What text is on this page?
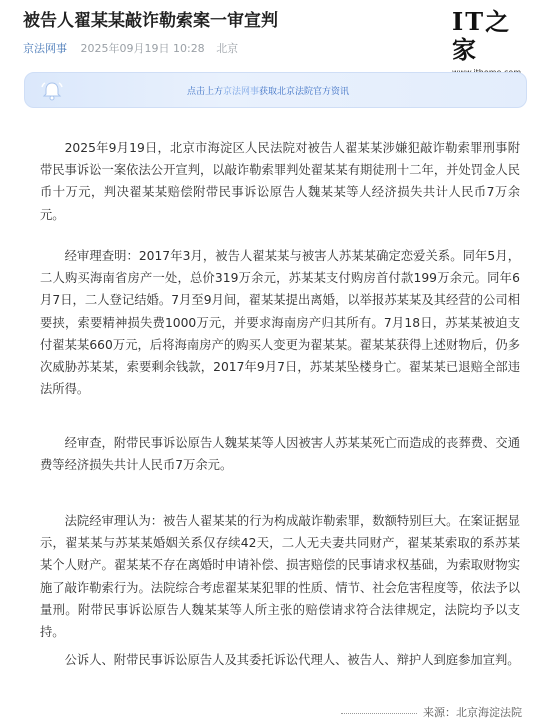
被告人翟某某敲诈勒索案一审宣判
京法网事 2025年09月19日 10:28 北京
IT之家
点击上方京法网事获取北京法院官方资讯

2025年9月19日，北京市海淀区人民法院对被告人翟某某涉嫌犯敲诈勒索罪刑事附带民事诉讼一案依法公开宣判，以敲诈勒索罪判处翟某某有期徒刑十二年，并处罚金人民币十万元，判决翟某某赔偿附带民事诉讼原告人魏某某等人经济损失共计人民币7万余元。

经审理查明：2017年3月，被告人翟某某与被害人苏某某确定恋爱关系。同年5月，二人购买海南省房产一处，总价319万余元，苏某某支付购房首付款199万余元。同年6月7日，二人登记结婚。7月至9月间，翟某某提出离婚，以举报苏某某及其经营的公司相要挟，索要精神损失费1000万元，并要求海南房产归其所有。7月18日，苏某某被迫支付翟某某660万元，后将海南房产的购买人变更为翟某某。翟某某获得上述财物后，仍多次威胁苏某某，索要剩余钱款，2017年9月7日，苏某某坠楼身亡。翟某某已退赔全部违法所得。

经审查，附带民事诉讼原告人魏某某等人因被害人苏某某死亡而造成的丧葬费、交通费等经济损失共计人民币7万余元。

法院经审理认为：被告人翟某某的行为构成敲诈勒索罪，数额特别巨大。在案证据显示，翟某某与苏某某婚姻关系仅存续42天，二人无夫妻共同财产，翟某某索取的系苏某某个人财产。翟某某不存在离婚时申请补偿、损害赔偿的民事请求权基础，为索取财物实施了敲诈勒索行为。法院综合考虑翟某某犯罪的性质、情节、社会危害程度等，依法予以量刑。附带民事诉讼原告人魏某某等人所主张的赔偿请求符合法律规定，法院均予以支持。

公诉人、附带民事诉讼原告人及其委托诉讼代理人、被告人、辩护人到庭参加宣判。

来源：北京海淀法院
